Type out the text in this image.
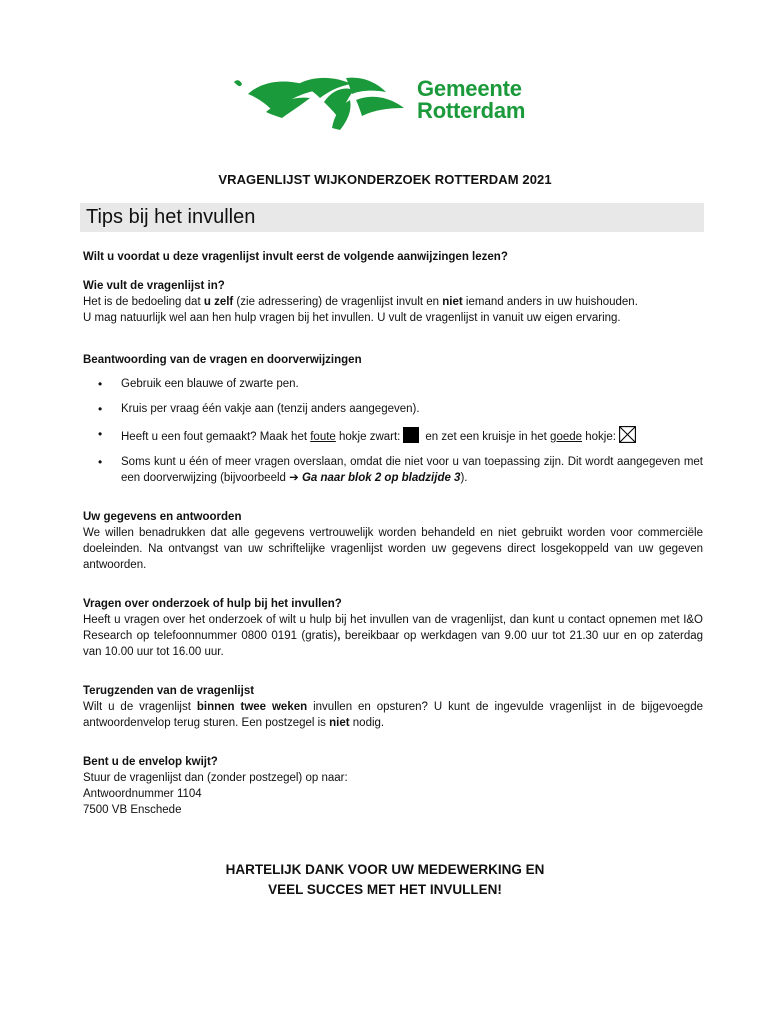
Gemeente
Rotterdam
VRAGENLIJST WIJKONDERZOEK ROTTERDAM 2021
Tips bij het invullen

Wilt u voordat u deze vragenlijst invult eerst de volgende aanwijzingen lezen?

Wie vult de vragenlijst in?

Het is de bedoeling dat u zelf (zie adressering) de vragenlijst invult en niet iemand anders in uw huishouden.

U mag natuurlijk wel aan hen hulp vragen bij het invullen. U vult de vragenlijst in vanuit uw eigen ervaring.

Beantwoording van de vragen en doorverwijzingen
• Gebruik een blauwe of zwarte pen.
• Kruis per vraag één vakje aan (tenzij anders aangegeven).
• Heeft u een fout gemaakt? Maak het foute hokje zwart: en zet een kruisje in het goede hokje:
• Soms kunt u één of meer vragen overslaan, omdat die niet voor u van toepassing zijn. Dit wordt aangegeven met een doorverwijzing (bijvoorbeeld ➔ Ga naar blok 2 op bladzijde 3).
Uw gegevens en antwoorden

We willen benadrukken dat alle gegevens vertrouwelijk worden behandeld en niet gebruikt worden voor commerciële doeleinden. Na ontvangst van uw schriftelijke vragenlijst worden uw gegevens direct losgekoppeld van uw gegeven antwoorden.

Vragen over onderzoek of hulp bij het invullen?

Heeft u vragen over het onderzoek of wilt u hulp bij het invullen van de vragenlijst, dan kunt u contact opnemen met I&O Research op telefoonnummer 0800 0191 (gratis), bereikbaar op werkdagen van 9.00 uur tot 21.30 uur en op zaterdag van 10.00 uur tot 16.00 uur.

Terugzenden van de vragenlijst

Wilt u de vragenlijst binnen twee weken invullen en opsturen? U kunt de ingevulde vragenlijst in de bijgevoegde antwoordenvelop terug sturen. Een postzegel is niet nodig.

Bent u de envelop kwijt?

Stuur de vragenlijst dan (zonder postzegel) op naar:

Antwoordnummer 1104

7500 VB Enschede

HARTELIJK DANK VOOR UW MEDEWERKING EN
VEEL SUCCES MET HET INVULLEN!
